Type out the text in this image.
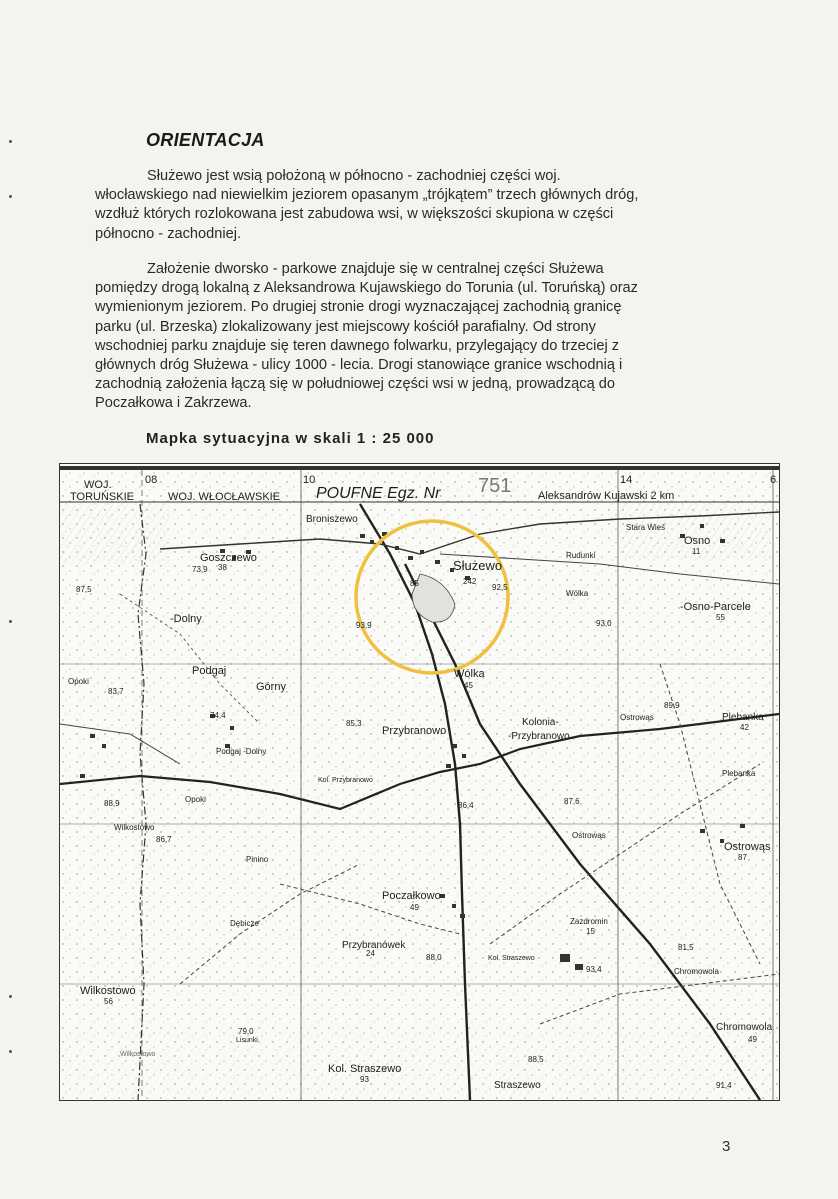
ORIENTACJA
Służewo jest wsią położoną w północno - zachodniej części woj.
włocławskiego nad niewielkim jeziorem opasanym „trójkątem” trzech głównych dróg,
wzdłuż których rozlokowana jest zabudowa wsi, w większości skupiona w części
północno - zachodniej.
Założenie dworsko - parkowe znajduje się w centralnej części Służewa
pomiędzy drogą lokalną z Aleksandrowa Kujawskiego do Torunia (ul. Toruńską) oraz
wymienionym jeziorem. Po drugiej stronie drogi wyznaczającej zachodnią granicę
parku (ul. Brzeska) zlokalizowany jest miejscowy kościół parafialny. Od strony
wschodniej parku znajduje się teren dawnego folwarku, przylegający do trzeciej z
głównych dróg Służewa - ulicy 1000 - lecia. Drogi stanowiące granice wschodnią i
zachodnią założenia łączą się w południowej części wsi w jedną, prowadzącą do
Poczałkowa i Zakrzewa.
Mapka sytuacyjna w skali 1 : 25 000
WOJ.
TORUŃSKIE
08
WOJ. WŁOCŁAWSKIE
10
POUFNE Egz. Nr 751	14
Aleksandrów Kujawski 2 km
6
Broniszewo
Goszczewo
-Dolny
Podgaj
Górny
Podgaj -Dolny
Opoki
Opoki
Służewo
Stara Wieś
Rudunki
Osno
Wólka
-Osno-Parcele
Wólka
Przybranowo
Kolonia-
-Przybranowo
Ostrowąs	Plebanka
Plebanka
Kol. Przybranowo
Ostrowąs
Ostrowąs
Wilkostowo
Pinino
Poczałkowo
Zazdromin
Dębicze
Przybranówek
Wilkostowo
Kol. Straszewo
Chromowola
Kol. Straszewo
Straszewo
Chromowola
Lisunki
Wilkostowo
85	242
92,5
93,0
93,9
83,7
87,5
85,3
89,9
88,9
86,7
86,4	87,6
88,0
93,4
81,5
79,0
88,5
91,4
87
49
49
15
42
45
55
11
56
93
74,4
24
38
73,9
3
